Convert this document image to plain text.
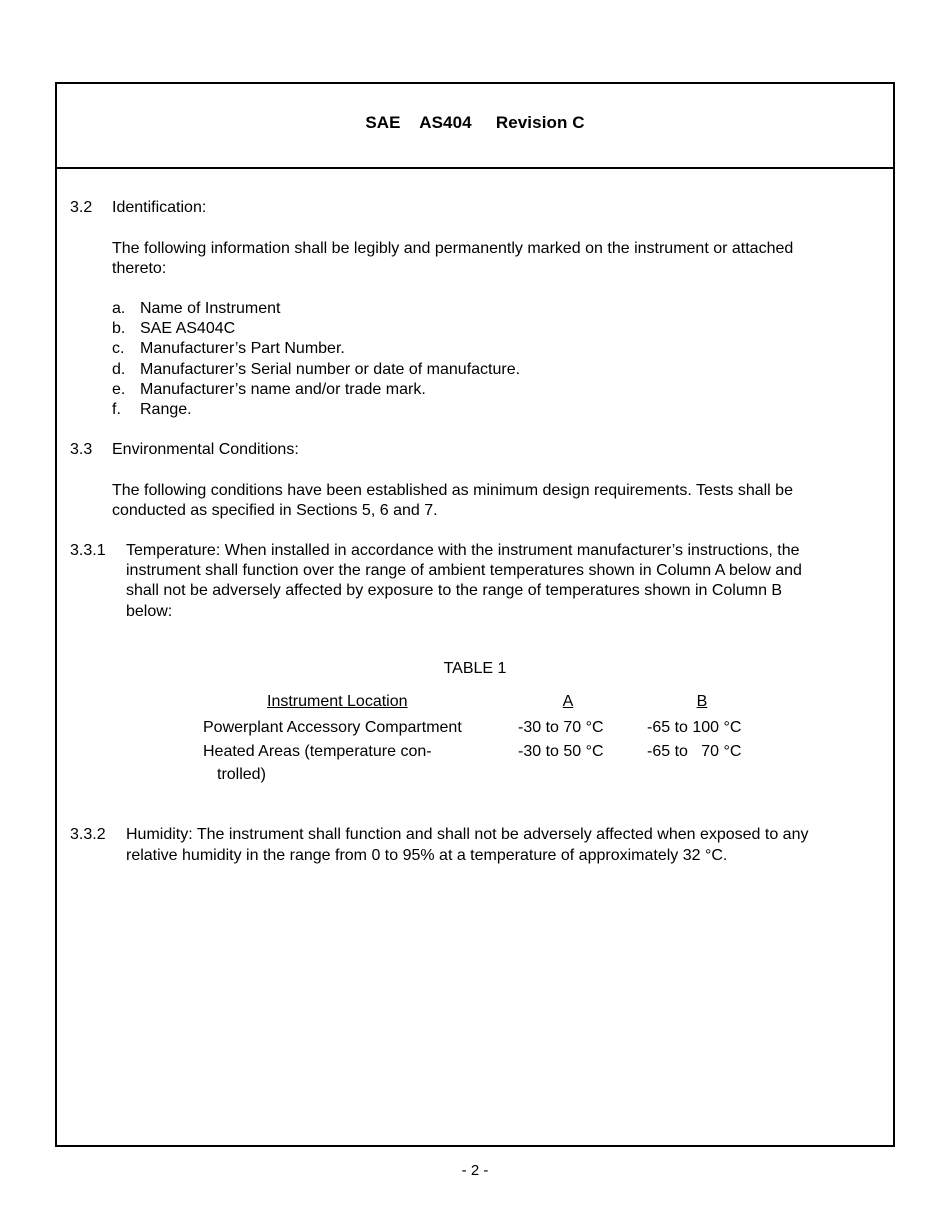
SAE    AS404     Revision C
3.2 Identification:
The following information shall be legibly and permanently marked on the instrument or attached
thereto:
a. Name of Instrument
b. SAE AS404C
c. Manufacturer’s Part Number.
d. Manufacturer’s Serial number or date of manufacture.
e. Manufacturer’s name and/or trade mark.
f. Range.
3.3 Environmental Conditions:
The following conditions have been established as minimum design requirements. Tests shall be
conducted as specified in Sections 5, 6 and 7.
3.3.1 Temperature: When installed in accordance with the instrument manufacturer’s instructions, the
instrument shall function over the range of ambient temperatures shown in Column A below and
shall not be adversely affected by exposure to the range of temperatures shown in Column B
below:
TABLE 1
Instrument Location	A	B
Powerplant Accessory Compartment	-30 to 70 °C	-65 to 100 °C
Heated Areas (temperature con-
trolled)
-30 to 50 °C	-65 to   70 °C
3.3.2 Humidity: The instrument shall function and shall not be adversely affected when exposed to any
relative humidity in the range from 0 to 95% at a temperature of approximately 32 °C.
- 2 -
